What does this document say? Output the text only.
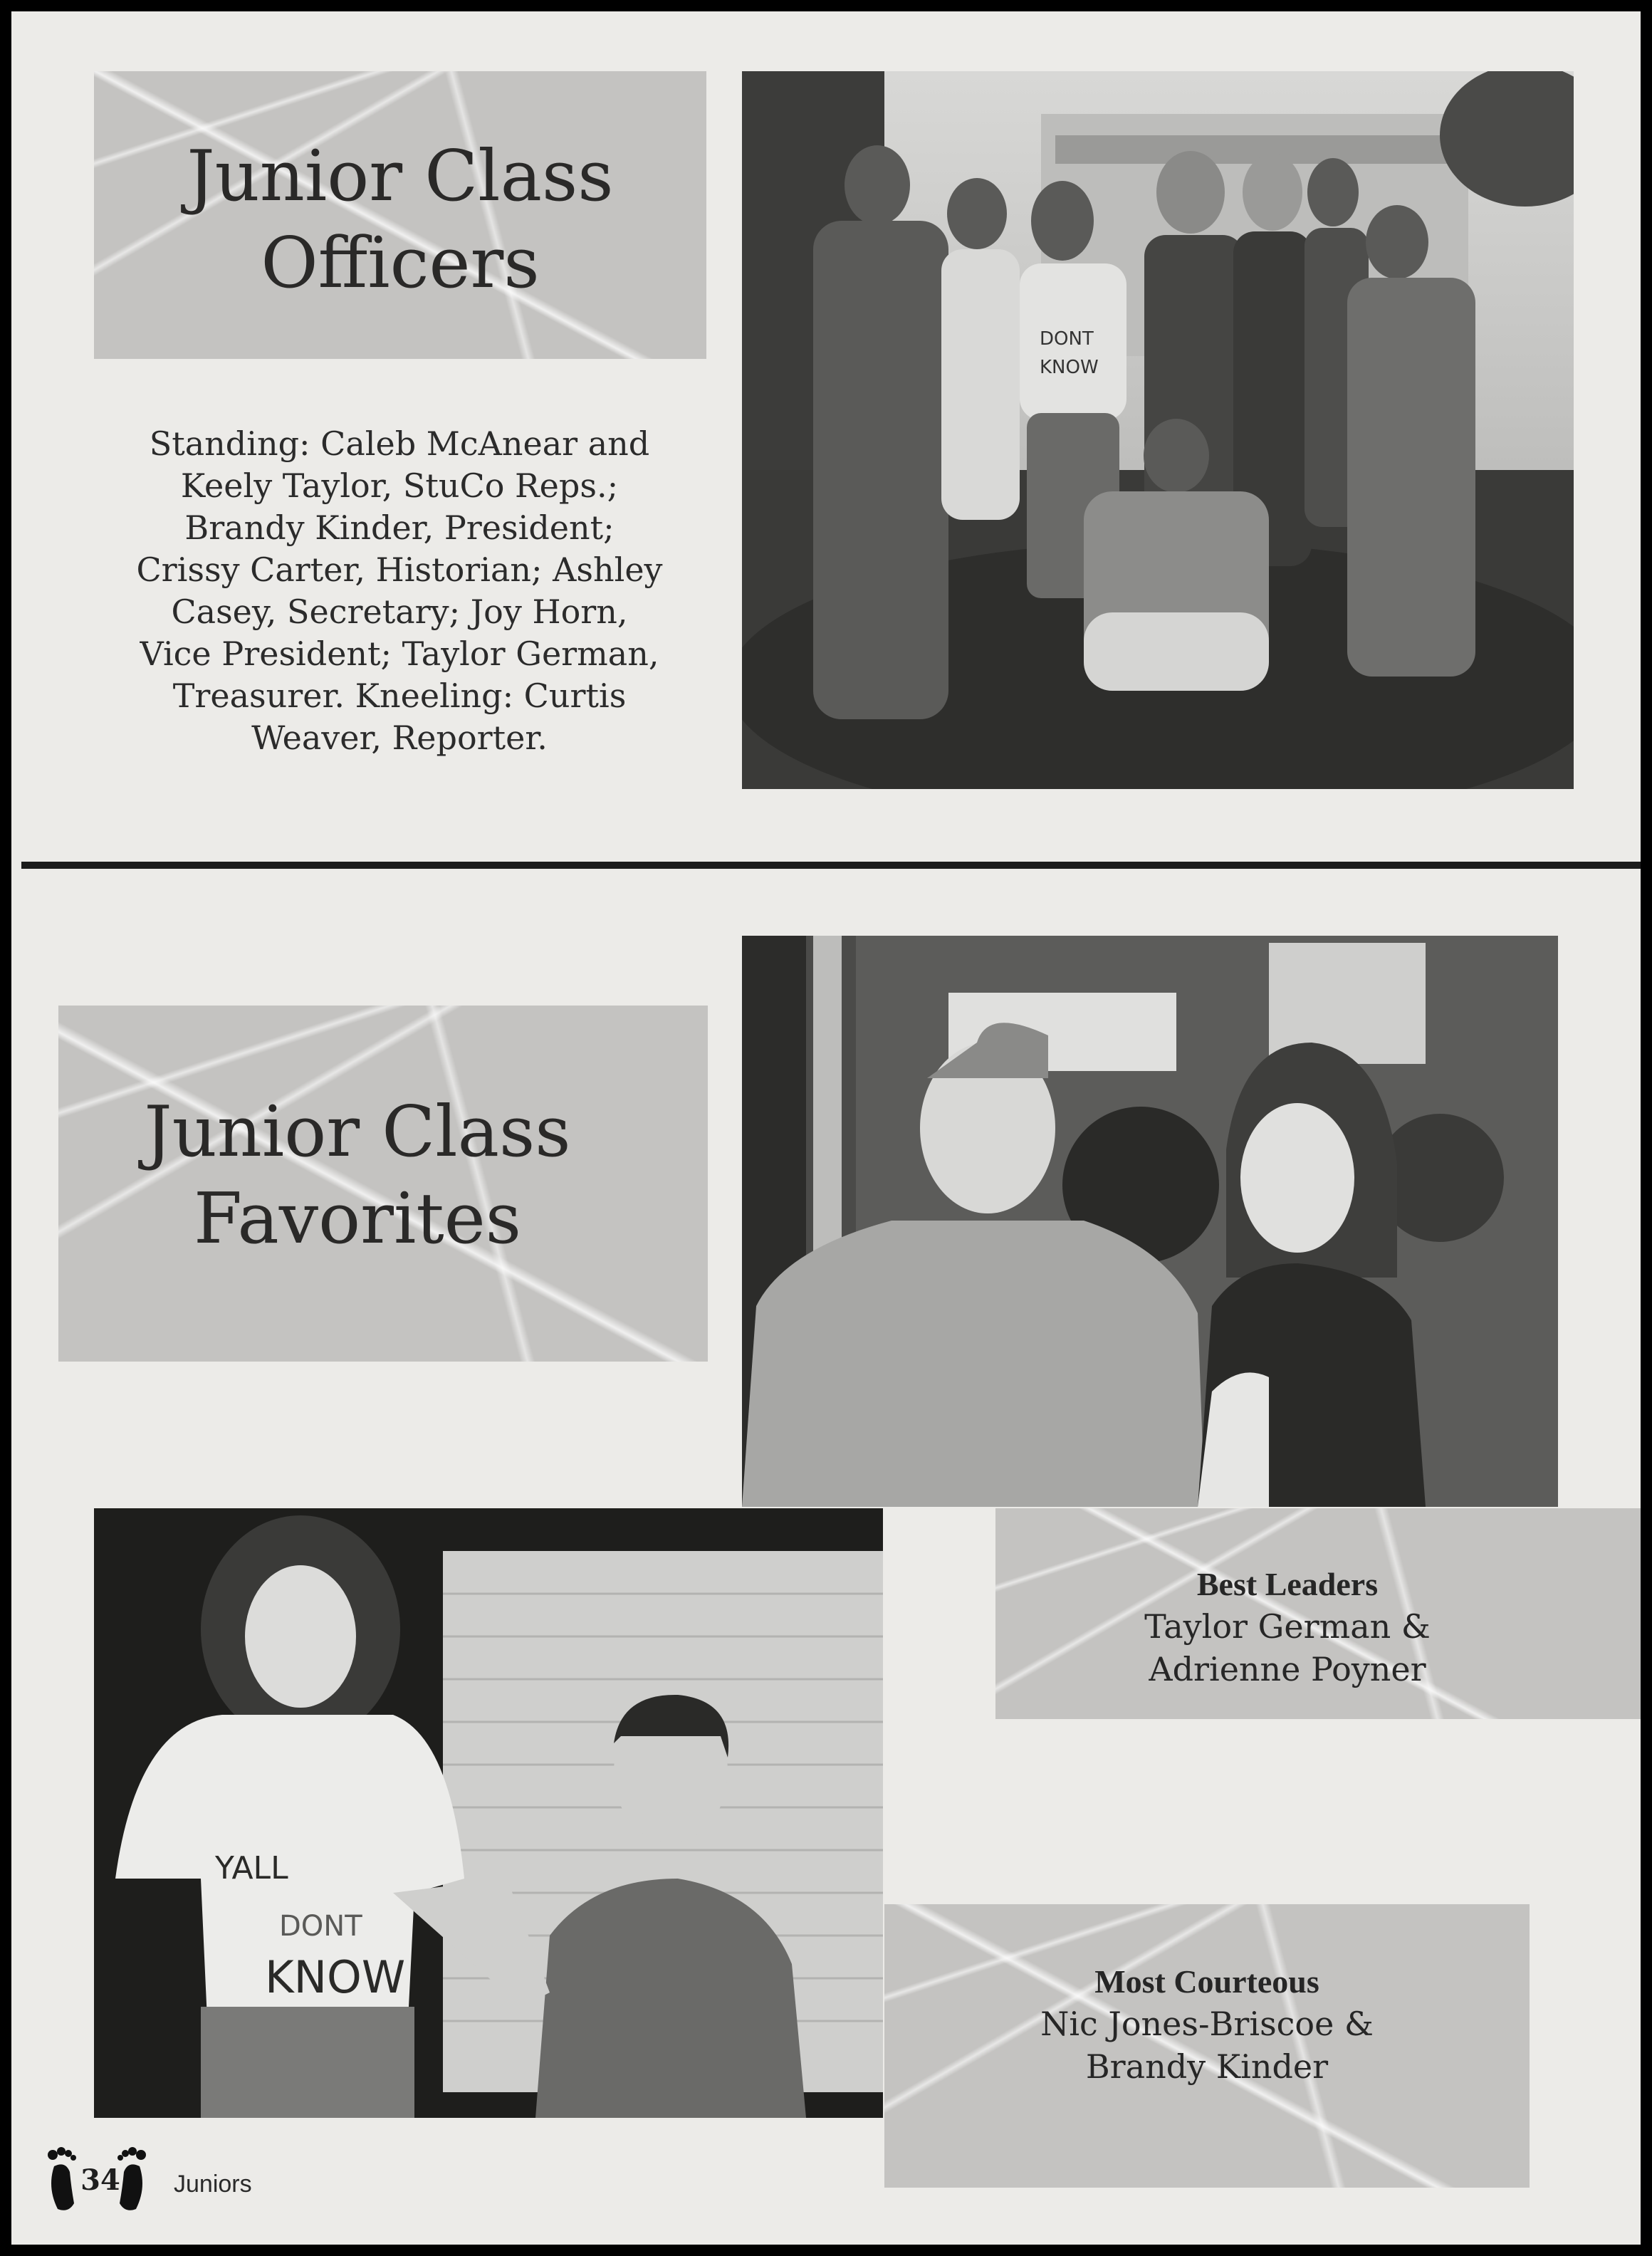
Junior Class
Officers
Standing: Caleb McAnear and
Keely Taylor, StuCo Reps.;
Brandy Kinder, President;
Crissy Carter, Historian; Ashley
Casey, Secretary; Joy Horn,
Vice President; Taylor German,
Treasurer. Kneeling: Curtis
Weaver, Reporter.
DONT
KNOW
Junior Class
Favorites
Best Leaders
Taylor German &
Adrienne Poyner
YALL
DONT
KNOW	Most Courteous
Nic Jones-Briscoe &
Brandy Kinder
34 Juniors
